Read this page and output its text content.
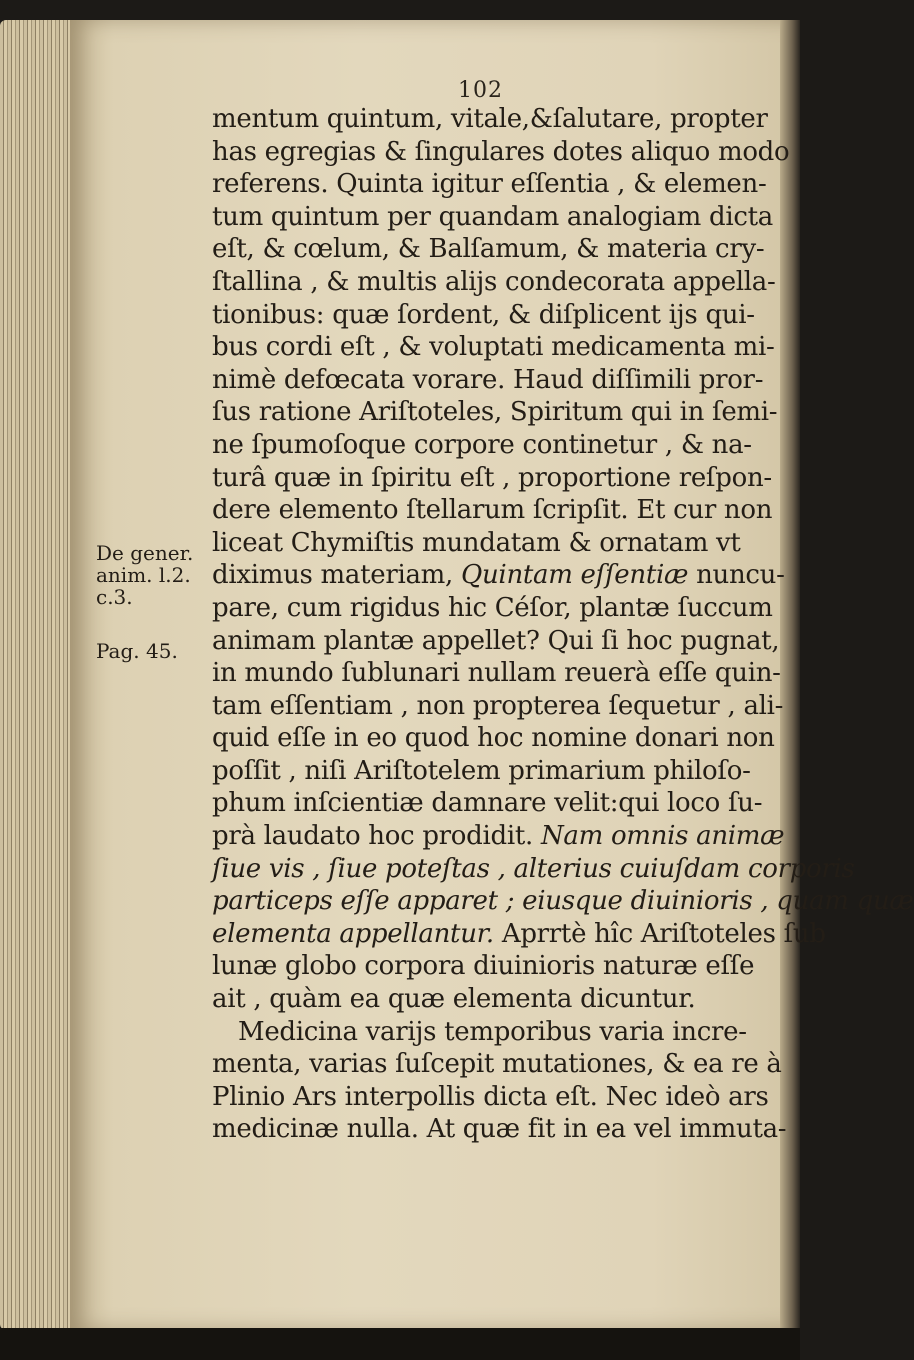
102
De gener.
anim. l.2.
c.3.
Pag. 45.
mentum quintum, vitale,&ſalutare, propter
has egregias & ſingulares dotes aliquo modo
referens. Quinta igitur eſſentia , & elemen-
tum quintum per quandam analogiam dicta
eſt, & cœlum, & Balſamum, & materia cry-
ſtallina , & multis alijs condecorata appella-
tionibus: quæ ſordent, & diſplicent ijs qui-
bus cordi eſt , & voluptati medicamenta mi-
nimè defœcata vorare. Haud diſſimili pror-
ſus ratione Ariſtoteles, Spiritum qui in ſemi-
ne ſpumoſoque corpore continetur , & na-
turâ quæ in ſpiritu eſt , proportione reſpon-
dere elemento ſtellarum ſcripſit. Et cur non
liceat Chymiſtis mundatam & ornatam vt
diximus materiam, Quintam eſſentiæ nuncu-
pare, cum rigidus hic Céſor, plantæ ſuccum
animam plantæ appellet? Qui ſi hoc pugnat,
in mundo ſublunari nullam reuerà eſſe quin-
tam eſſentiam , non propterea ſequetur , ali-
quid eſſe in eo quod hoc nomine donari non
poſſit , niſi Ariſtotelem primarium philoſo-
phum inſcientiæ damnare velit:qui loco ſu-
prà laudato hoc prodidit. Nam omnis animæ
ſiue vis , ſiue poteſtas , alterius cuiuſdam corporis
particeps eſſe apparet ; eiusque diuinioris , quam quæ
elementa appellantur. Aprrtè hîc Ariſtoteles ſub
lunæ globo corpora diuinioris naturæ eſſe
ait , quàm ea quæ elementa dicuntur.
Medicina varijs temporibus varia incre-
menta, varias ſuſcepit mutationes, & ea re à
Plinio Ars interpollis dicta eſt. Nec ideò ars
medicinæ nulla. At quæ fit in ea vel immuta-
